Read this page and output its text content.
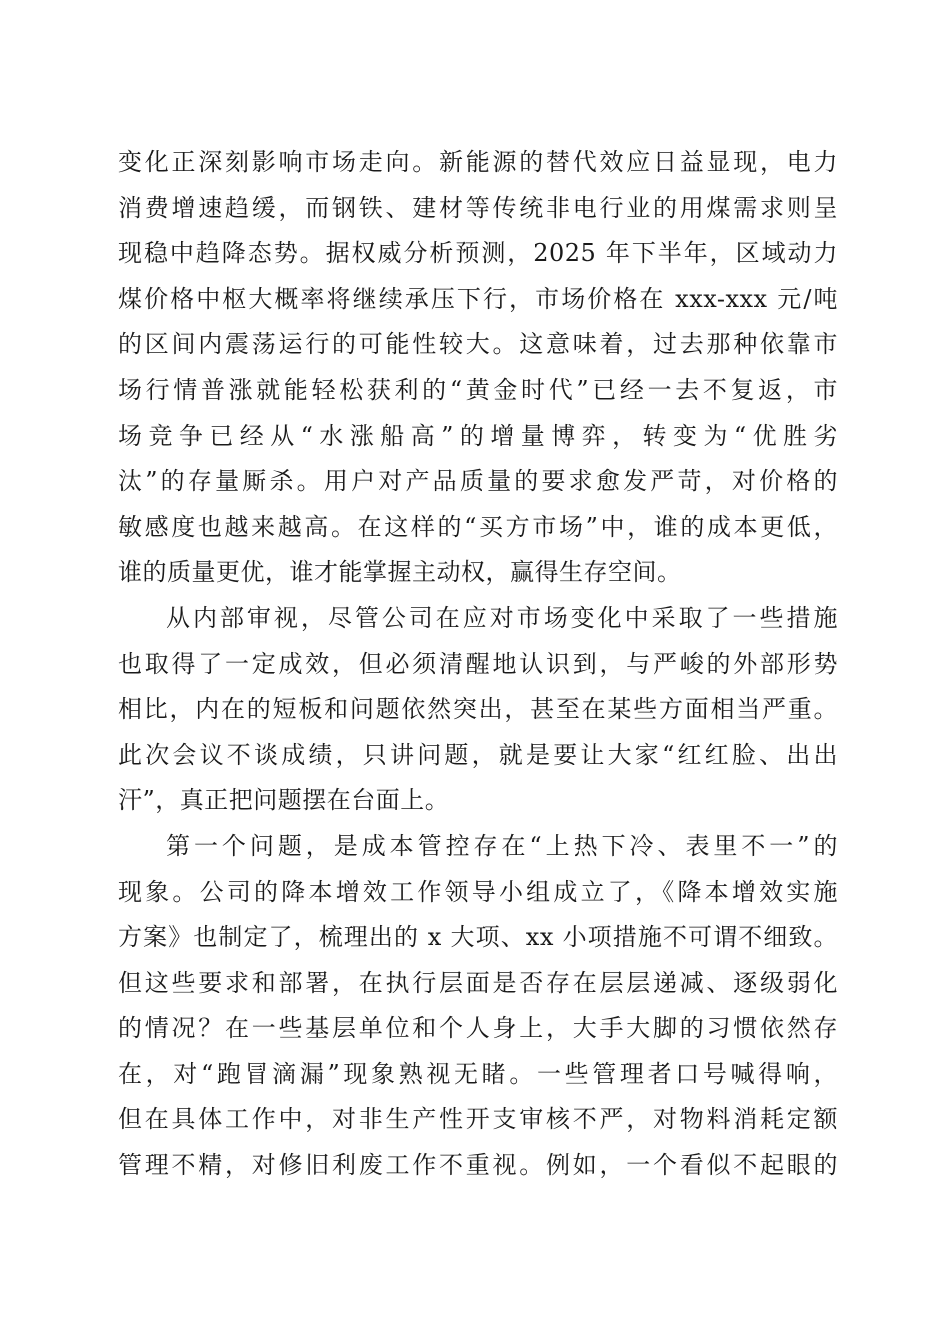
变化正深刻影响市场走向。新能源的替代效应日益显现，电力
消费增速趋缓，而钢铁、建材等传统非电行业的用煤需求则呈
现稳中趋降态势。据权威分析预测，2025 年下半年，区域动力
煤价格中枢大概率将继续承压下行，市场价格在 xxx-xxx 元/吨
的区间内震荡运行的可能性较大。这意味着，过去那种依靠市
场行情普涨就能轻松获利的“黄金时代”已经一去不复返，市
场竞争已经从“水涨船高”的增量博弈，转变为“优胜劣
汰”的存量厮杀。用户对产品质量的要求愈发严苛，对价格的
敏感度也越来越高。在这样的“买方市场”中，谁的成本更低，
谁的质量更优，谁才能掌握主动权，赢得生存空间。
从内部审视，尽管公司在应对市场变化中采取了一些措施
也取得了一定成效，但必须清醒地认识到，与严峻的外部形势
相比，内在的短板和问题依然突出，甚至在某些方面相当严重。
此次会议不谈成绩，只讲问题，就是要让大家“红红脸、出出
汗”，真正把问题摆在台面上。
第一个问题，是成本管控存在“上热下冷、表里不一”的
现象。公司的降本增效工作领导小组成立了，《降本增效实施
方案》也制定了，梳理出的 x 大项、xx 小项措施不可谓不细致。
但这些要求和部署，在执行层面是否存在层层递减、逐级弱化
的情况？在一些基层单位和个人身上，大手大脚的习惯依然存
在，对“跑冒滴漏”现象熟视无睹。一些管理者口号喊得响，
但在具体工作中，对非生产性开支审核不严，对物料消耗定额
管理不精，对修旧利废工作不重视。例如，一个看似不起眼的
